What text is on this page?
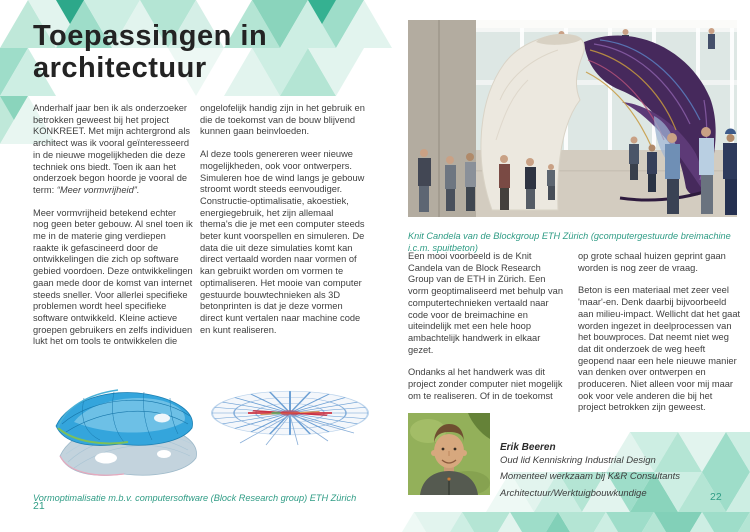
Toepassingen in architectuur

Anderhalf jaar ben ik als onderzoeker betrokken geweest bij het project KONKREET. Met mijn achtergrond als architect was ik vooral geïnteresseerd in de nieuwe mogelijkheden die deze techniek ons biedt. Toen ik aan het onderzoek begon hoorde je vooral de term: “Meer vormvrijheid”.

Meer vormvrijheid betekend echter nog geen beter gebouw. Al snel toen ik me in de materie ging verdiepen raakte ik gefascineerd door de ontwikkelingen die zich op software gebied voordoen. Deze ontwikkelingen gaan mede door de komst van internet steeds sneller. Voor allerlei specifieke problemen wordt heel specifieke software ontwikkeld. Kleine actieve groepen gebruikers en zelfs individuen lukt het om tools te ontwikkelen die

ongelofelijk handig zijn in het gebruik en die de toekomst van de bouw blijvend kunnen gaan beinvloeden.

Al deze tools genereren weer nieuwe mogelijkheden, ook voor ontwerpers. Simuleren hoe de wind langs je gebouw stroomt wordt steeds eenvoudiger. Constructie-optimalisatie, akoestiek, energiegebruik, het zijn allemaal thema's die je met een computer steeds beter kunt voorspellen en simuleren. De data die uit deze simulaties komt kan direct vertaald worden naar vormen of kan gebruikt worden om vormen te optimaliseren. Het mooie van computer gestuurde bouwtechnieken als 3D betonprinten is dat je deze vormen direct kunt vertalen naar machine code en kunt realiseren.

Vormoptimalisatie m.b.v. computersoftware (Block Research group) ETH Zürich

21

Knit Candela van de Blockgroup ETH Zürich (gcomputergestuurde breimachine i.c.m. spuitbeton)

Een mooi voorbeeld is de Knit Candela van de Block Research Group van de ETH in Zürich. Een vorm geoptimaliseerd met behulp van computertechnieken vertaald naar code voor de breimachine en uiteindelijk met een hele hoop ambachtelijk handwerk in elkaar gezet.

Ondanks al het handwerk was dit project zonder computer niet mogelijk om te realiseren. Of in de toekomst

op grote schaal huizen geprint gaan worden is nog zeer de vraag.

Beton is een materiaal met zeer veel 'maar'-en. Denk daarbij bijvoorbeeld aan milieu-impact. Wellicht dat het gaat worden ingezet in deelprocessen van het bouwproces. Dat neemt niet weg dat dit onderzoek de weg heeft geopend naar een hele nieuwe manier van denken over ontwerpen en produceren. Niet alleen voor mij maar ook voor vele anderen die bij het project betrokken zijn geweest.

Erik Beeren

Oud lid Kenniskring Industrial Design

Momenteel werkzaam bij K&R Consultants

Architectuur/Werktuigbouwkundige	22
